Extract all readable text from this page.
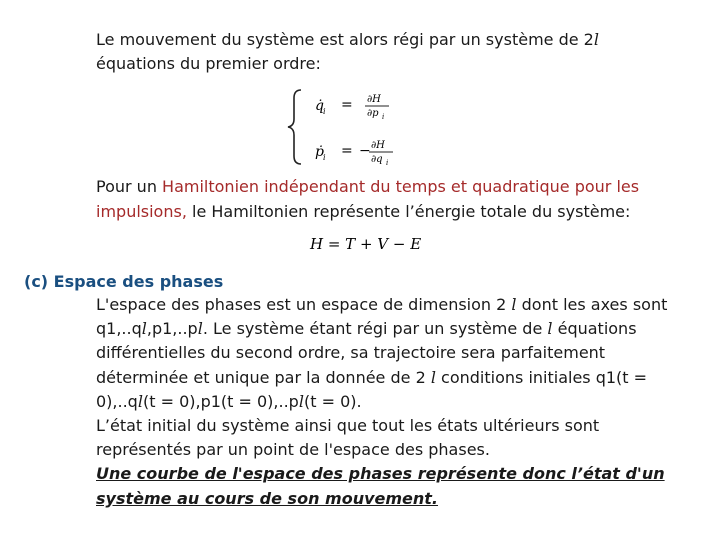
Le mouvement du système est alors régi par un système de 2l
équations du premier ordre:
q̇ i = ∂H
∂p i
ṗ i = − ∂H
∂q i
Pour un Hamiltonien indépendant du temps et quadratique pour les impulsions, le Hamiltonien représente l’énergie totale du système:
H = T + V − E
(c) Espace des phases
L'espace des phases est un espace de dimension 2 l dont les axes sont q1,..ql,p1,..pl. Le système étant régi par un système de l équations différentielles du second ordre, sa trajectoire sera parfaitement déterminée et unique par la donnée de 2 l conditions initiales q1(t = 0),..ql(t = 0),p1(t = 0),..pl(t = 0).
L’état initial du système ainsi que tout les états ultérieurs sont représentés par un point de l'espace des phases.
Une courbe de l'espace des phases représente donc l’état d'un système au cours de son mouvement.
